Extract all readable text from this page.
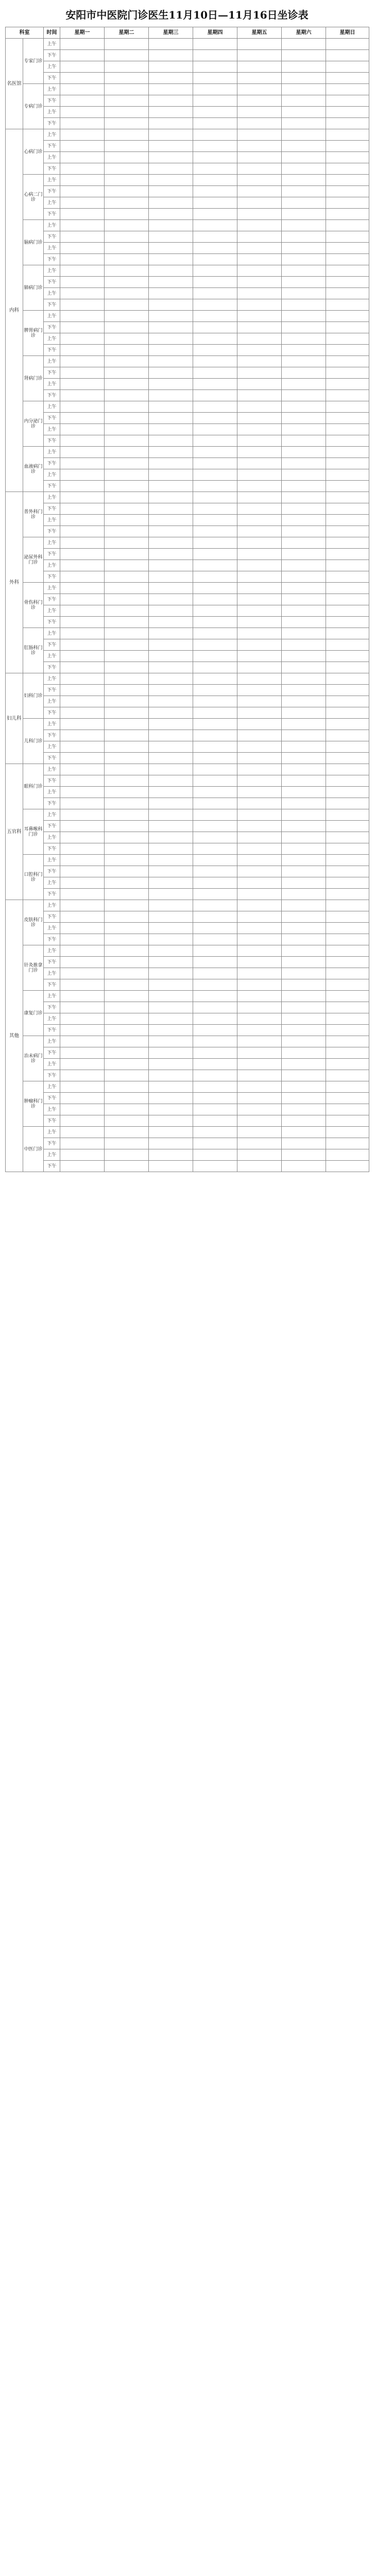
安阳市中医院门诊医生11月10日—11月16日坐诊表
科室		时间	星期一	星期二	星期三	星期四	星期五	星期六	星期日
名医馆	专家门诊	上午							
		下午							
		上午							
		下午							
	专病门诊	上午							
		下午							
		上午							
		下午							
内科	心病门诊	上午							
		下午							
		上午							
		下午							
	心病二门诊	上午							
		下午							
		上午							
		下午							
	脑病门诊	上午							
		下午							
		上午							
		下午							
	肺病门诊	上午							
		下午							
		上午							
		下午							
	脾胃病门诊	上午							
		下午							
		上午							
		下午							
	肾病门诊	上午							
		下午							
		上午							
		下午							
	内分泌门诊	上午							
		下午							
		上午							
		下午							
	血液病门诊	上午							
		下午							
		上午							
		下午							
外科	普外科门诊	上午							
		下午							
		上午							
		下午							
	泌尿外科门诊	上午							
		下午							
		上午							
		下午							
	骨伤科门诊	上午							
		下午							
		上午							
		下午							
	肛肠科门诊	上午							
		下午							
		上午							
		下午							
妇儿科	妇科门诊	上午							
		下午							
		上午							
		下午							
	儿科门诊	上午							
		下午							
		上午							
		下午							
五官科	眼科门诊	上午							
		下午							
		上午							
		下午							
	耳鼻喉科门诊	上午							
		下午							
		上午							
		下午							
	口腔科门诊	上午							
		下午							
		上午							
		下午							
其他	皮肤科门诊	上午							
		下午							
		上午							
		下午							
	针灸推拿门诊	上午							
		下午							
		上午							
		下午							
	康复门诊	上午							
		下午							
		上午							
		下午							
	治未病门诊	上午							
		下午							
		上午							
		下午							
	肿瘤科门诊	上午							
		下午							
		上午							
		下午							
	中医门诊	上午							
		下午							
		上午							
		下午							
